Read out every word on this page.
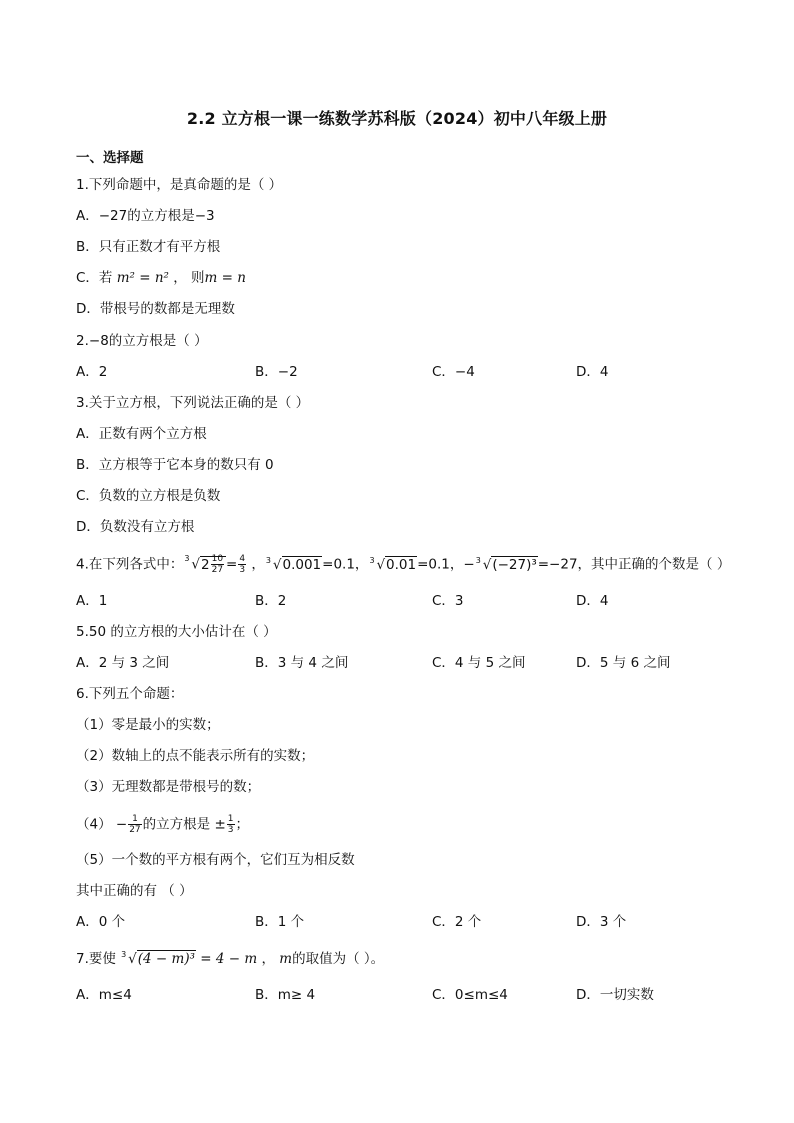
2.2 立方根一课一练数学苏科版（2024）初中八年级上册
一、选择题
1.下列命题中，是真命题的是（ ）
A．−27的立方根是−3
B．只有正数才有平方根
C．若 m² = n² ， 则m = n
D．带根号的数都是无理数
2.−8的立方根是（ ）
A．2	B．−2	C．−4	D．4
3.关于立方根，下列说法正确的是（ ）
A．正数有两个立方根
B．立方根等于它本身的数只有 0
C．负数的立方根是负数
D．负数没有立方根
4.在下列各式中： 3 $√2 \frac{10}{27} = \frac{4}{3}$ ， 3 √0.001=0.1， 3 √0.01=0.1，− 3 √(−27)³=−27，其中正确的个数是（ ）
A．1	B．2	C．3	D．4
5.50 的立方根的大小估计在（ ）
A．2 与 3 之间	B．3 与 4 之间	C．4 与 5 之间	D．5 与 6 之间
6.下列五个命题：
（1）零是最小的实数；
（2）数轴上的点不能表示所有的实数；
（3）无理数都是带根号的数；
$(4) - \frac{1}{27}$ 的立方根是 ± $\frac{1}{3}$ ；
（5）一个数的平方根有两个，它们互为相反数
其中正确的有 （ ）
A．0 个	B．1 个	C．2 个	D．3 个
7.要使 3 √(4 − m)³ = 4 − m ， m的取值为（ ）。
A．m≤4	B．m≥ 4	C．0≤m≤4	D．一切实数
